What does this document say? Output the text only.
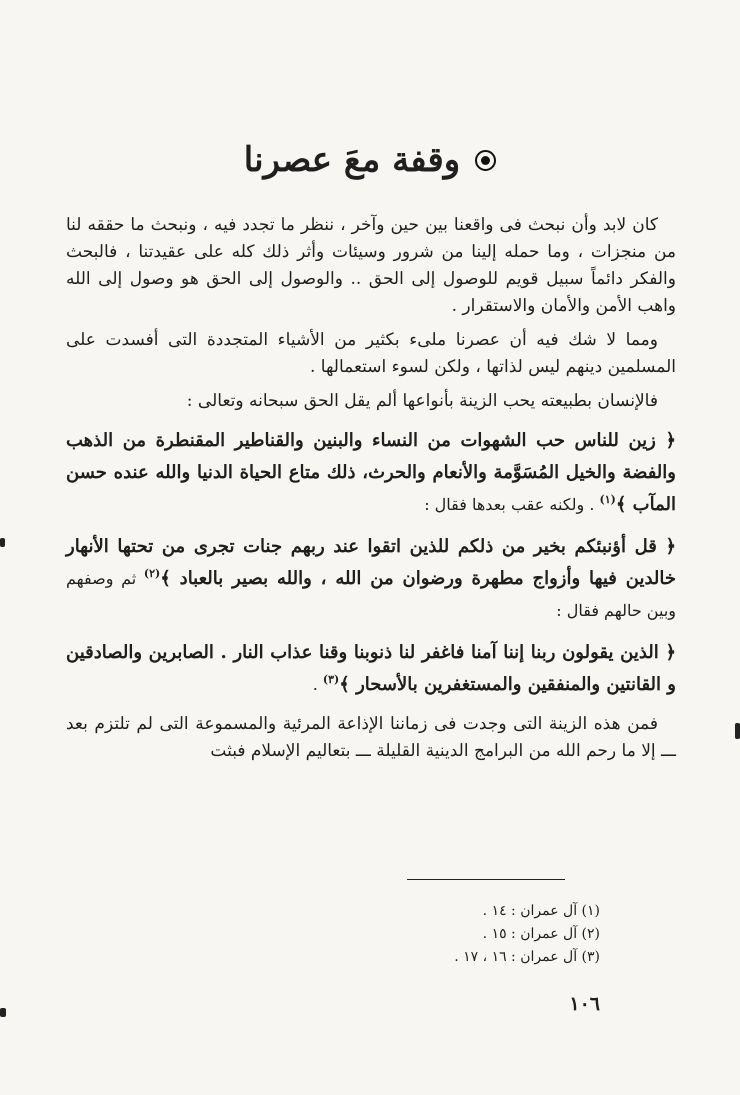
وقفة معَ عصرنا

كان لابد وأن نبحث فى واقعنا بين حين وآخر ، ننظر ما تجدد فيه ، ونبحث ما حققه لنا من منجزات ، وما حمله إلينا من شرور وسيئات وأثر ذلك كله على عقيدتنا ، فالبحث والفكر دائماً سبيل قويم للوصول إلى الحق .. والوصول إلى الحق هو وصول إلى الله واهب الأمن والأمان والاستقرار .

ومما لا شك فيه أن عصرنا ملىء بكثير من الأشياء المتجددة التى أفسدت على المسلمين دينهم ليس لذاتها ، ولكن لسوء استعمالها .

فالإنسان بطبيعته يحب الزينة بأنواعها ألم يقل الحق سبحانه وتعالى :

﴿ زين للناس حب الشهوات من النساء والبنين والقناطير المقنطرة من الذهب والفضة والخيل المُسَوَّمة والأنعام والحرث، ذلك متاع الحياة الدنيا والله عنده حسن المآب ﴾$^{(١)}$ . ولكنه عقب بعدها فقال :

﴿ قل أؤنبئكم بخير من ذلكم للذين اتقوا عند ربهم جنات تجرى من تحتها الأنهار خالدين فيها وأزواج مطهرة ورضوان من الله ، والله بصير بالعباد ﴾$^{(٢)}$ ثم وصفهم وبين حالهم فقال :

﴿ الذين يقولون ربنا إننا آمنا فاغفر لنا ذنوبنا وقنا عذاب النار . الصابرين والصادقين و القانتين والمنفقين والمستغفرين بالأسحار ﴾$^{(٣)}$ .

فمن هذه الزينة التى وجدت فى زماننا الإذاعة المرئية والمسموعة التى لم تلتزم بعد ـــ إلا ما رحم الله من البرامج الدينية القليلة ـــ بتعاليم الإسلام فبثت

(١) آل عمران : ١٤ .
(٢) آل عمران : ١٥ .
(٣) آل عمران : ١٦ ، ١٧ .
١٠٦
